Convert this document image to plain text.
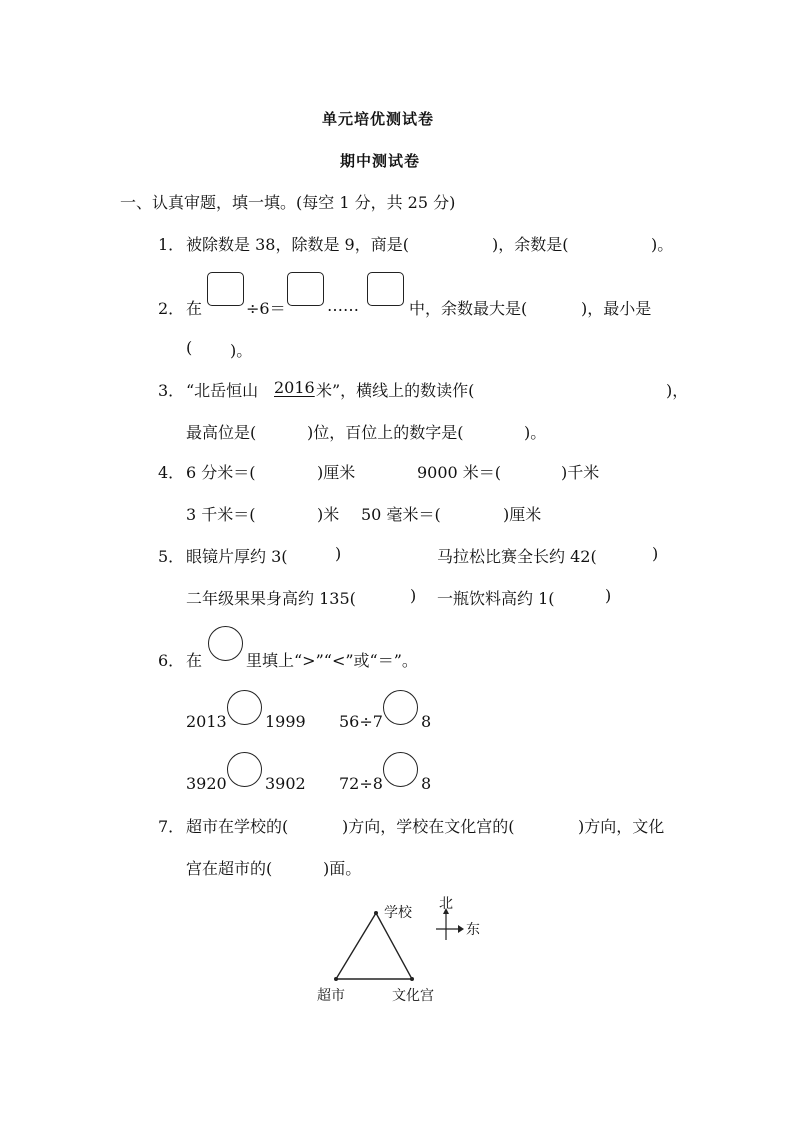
单元培优测试卷
期中测试卷
一、认真审题，填一填。(每空 1 分，共 25 分)
1． 被除数是 38，除数是 9，商是(	)，余数是(	)。
2． 在	÷6＝	……	中，余数最大是(	)，最小是
( )。
3． “北岳恒山 2016 米”，横线上的数读作(	)，
最高位是(	)位，百位上的数字是(	)。
4． 6 分米＝(	)厘米	9000 米＝(	)千米
3 千米＝(	)米 50 毫米＝(	)厘米
5． 眼镜片厚约 3(	)	马拉松比赛全长约 42(	)
二年级果果身高约 135(	) 一瓶饮料高约 1(	)
6． 在	里填上“>”“<”或“＝”。
2013 1999 56÷7 8
3920 3902 72÷8 8
7． 超市在学校的(	)方向，学校在文化宫的(	)方向，文化
宫在超市的(	)面。
学校
超市	文化宫
北
东
